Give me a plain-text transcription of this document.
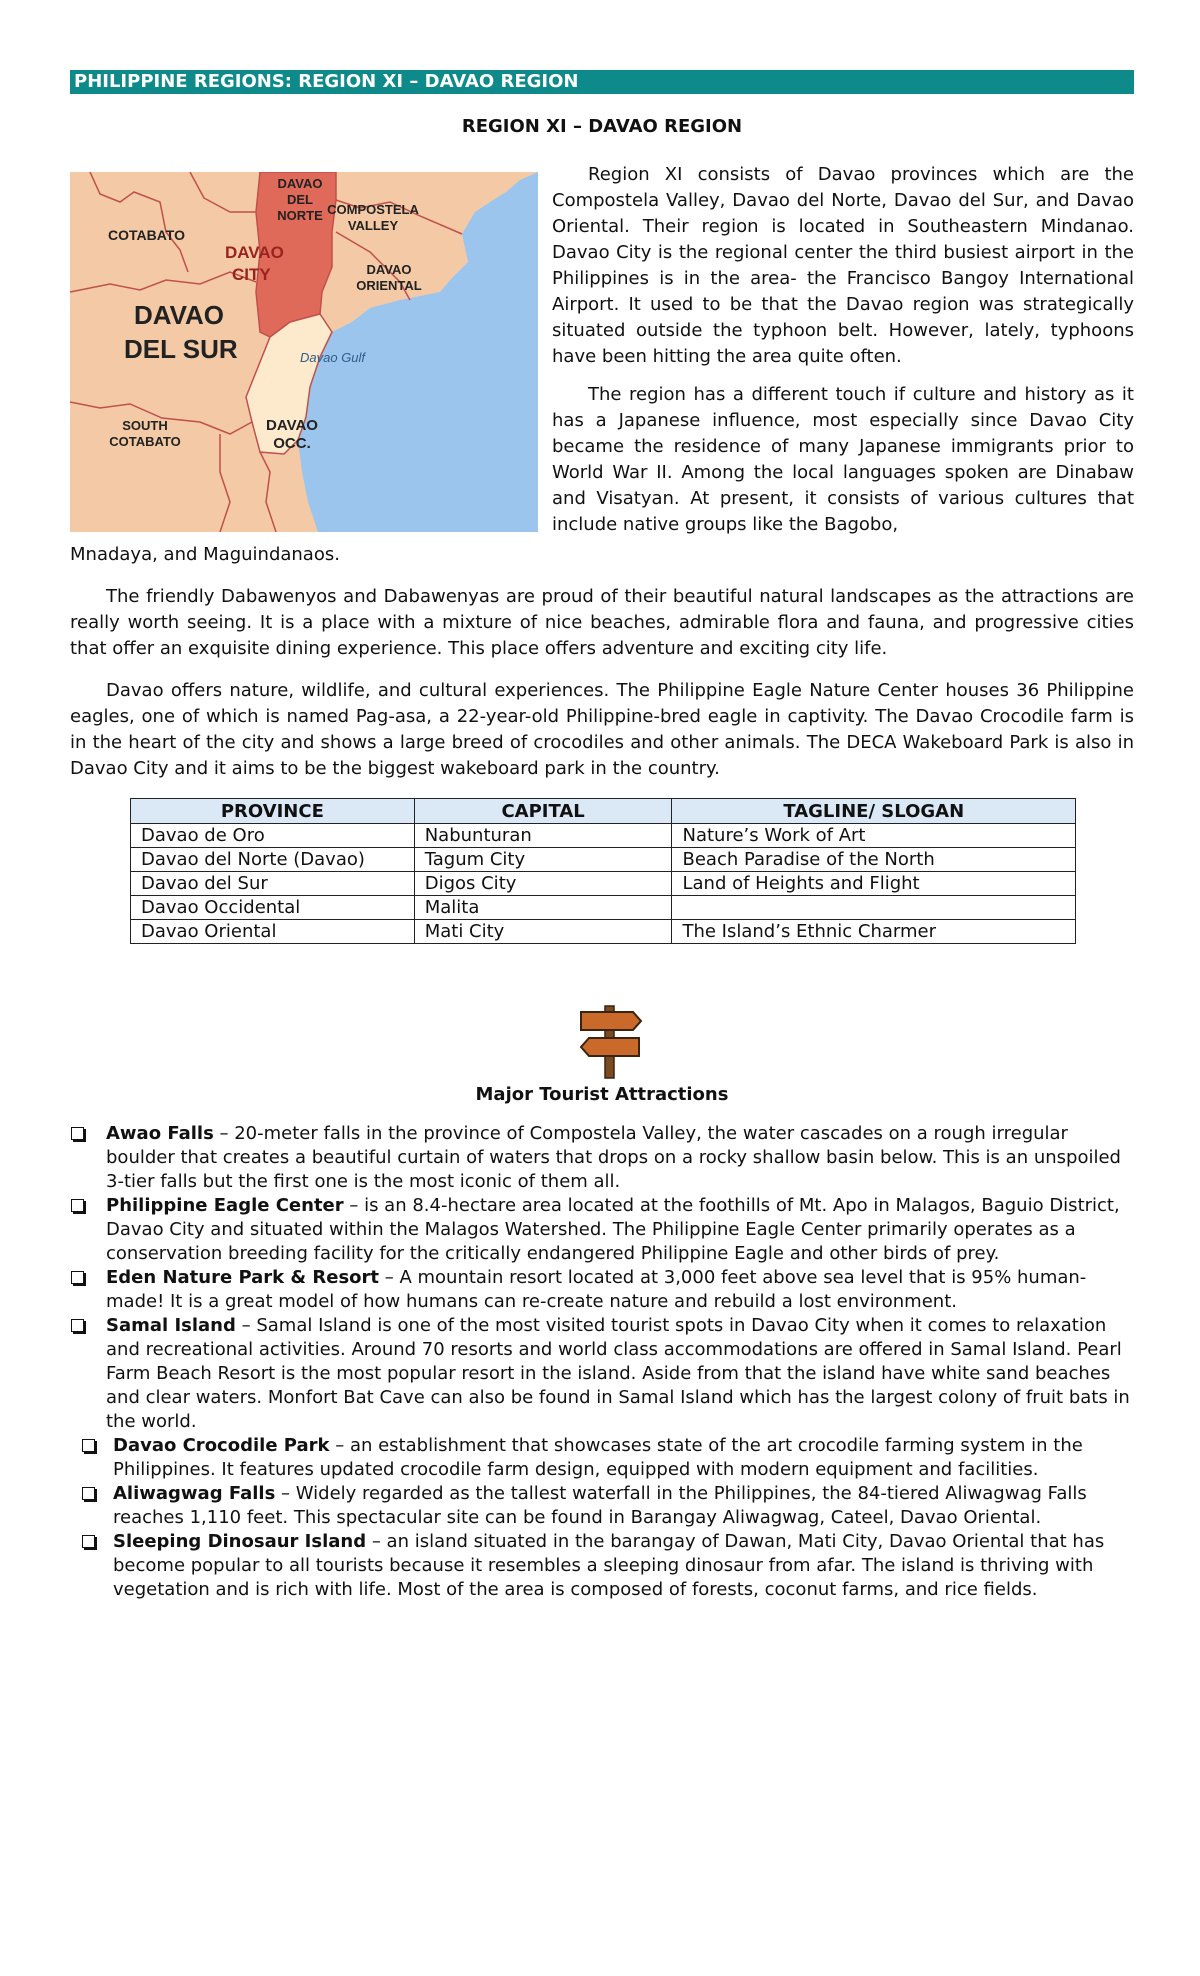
PHILIPPINE REGIONS: REGION XI – DAVAO REGION
REGION XI – DAVAO REGION
DAVAO
DEL
NORTE COMPOSTELA
VALLEY
COTABATO
DAVAO
CITY	DAVAO
ORIENTAL
DAVAO
DEL SUR	Davao Gulf
SOUTH
COTABATO
DAVAO
OCC.

Region XI consists of Davao provinces which are the Compostela Valley, Davao del Norte, Davao del Sur, and Davao Oriental. Their region is located in Southeastern Mindanao. Davao City is the regional center the third busiest airport in the Philippines is in the area- the Francisco Bangoy International Airport. It used to be that the Davao region was strategically situated outside the typhoon belt. However, lately, typhoons have been hitting the area quite often.

The region has a different touch if culture and history as it has a Japanese influence, most especially since Davao City became the residence of many Japanese immigrants prior to World War II. Among the local languages spoken are Dinabaw and Visatyan. At present, it consists of various cultures that include native groups like the Bagobo,

Mnadaya, and Maguindanaos.

The friendly Dabawenyos and Dabawenyas are proud of their beautiful natural landscapes as the attractions are really worth seeing. It is a place with a mixture of nice beaches, admirable flora and fauna, and progressive cities that offer an exquisite dining experience. This place offers adventure and exciting city life.

Davao offers nature, wildlife, and cultural experiences. The Philippine Eagle Nature Center houses 36 Philippine eagles, one of which is named Pag-asa, a 22-year-old Philippine-bred eagle in captivity. The Davao Crocodile farm is in the heart of the city and shows a large breed of crocodiles and other animals. The DECA Wakeboard Park is also in Davao City and it aims to be the biggest wakeboard park in the country.

PROVINCE	CAPITAL	TAGLINE/ SLOGAN
Davao de Oro	Nabunturan	Nature’s Work of Art
Davao del Norte (Davao)	Tagum City	Beach Paradise of the North
Davao del Sur	Digos City	Land of Heights and Flight
Davao Occidental	Malita	
Davao Oriental	Mati City	The Island’s Ethnic Charmer
Major Tourist Attractions
Awao Falls – 20-meter falls in the province of Compostela Valley, the water cascades on a rough irregular boulder that creates a beautiful curtain of waters that drops on a rocky shallow basin below. This is an unspoiled 3-tier falls but the first one is the most iconic of them all.
Philippine Eagle Center – is an 8.4-hectare area located at the foothills of Mt. Apo in Malagos, Baguio District, Davao City and situated within the Malagos Watershed. The Philippine Eagle Center primarily operates as a conservation breeding facility for the critically endangered Philippine Eagle and other birds of prey.
Eden Nature Park & Resort – A mountain resort located at 3,000 feet above sea level that is 95% human-made! It is a great model of how humans can re-create nature and rebuild a lost environment.
Samal Island – Samal Island is one of the most visited tourist spots in Davao City when it comes to relaxation and recreational activities. Around 70 resorts and world class accommodations are offered in Samal Island. Pearl Farm Beach Resort is the most popular resort in the island. Aside from that the island have white sand beaches and clear waters. Monfort Bat Cave can also be found in Samal Island which has the largest colony of fruit bats in the world.
Davao Crocodile Park – an establishment that showcases state of the art crocodile farming system in the Philippines. It features updated crocodile farm design, equipped with modern equipment and facilities.
Aliwagwag Falls – Widely regarded as the tallest waterfall in the Philippines, the 84-tiered Aliwagwag Falls reaches 1,110 feet. This spectacular site can be found in Barangay Aliwagwag, Cateel, Davao Oriental.
Sleeping Dinosaur Island – an island situated in the barangay of Dawan, Mati City, Davao Oriental that has become popular to all tourists because it resembles a sleeping dinosaur from afar. The island is thriving with vegetation and is rich with life. Most of the area is composed of forests, coconut farms, and rice fields.
